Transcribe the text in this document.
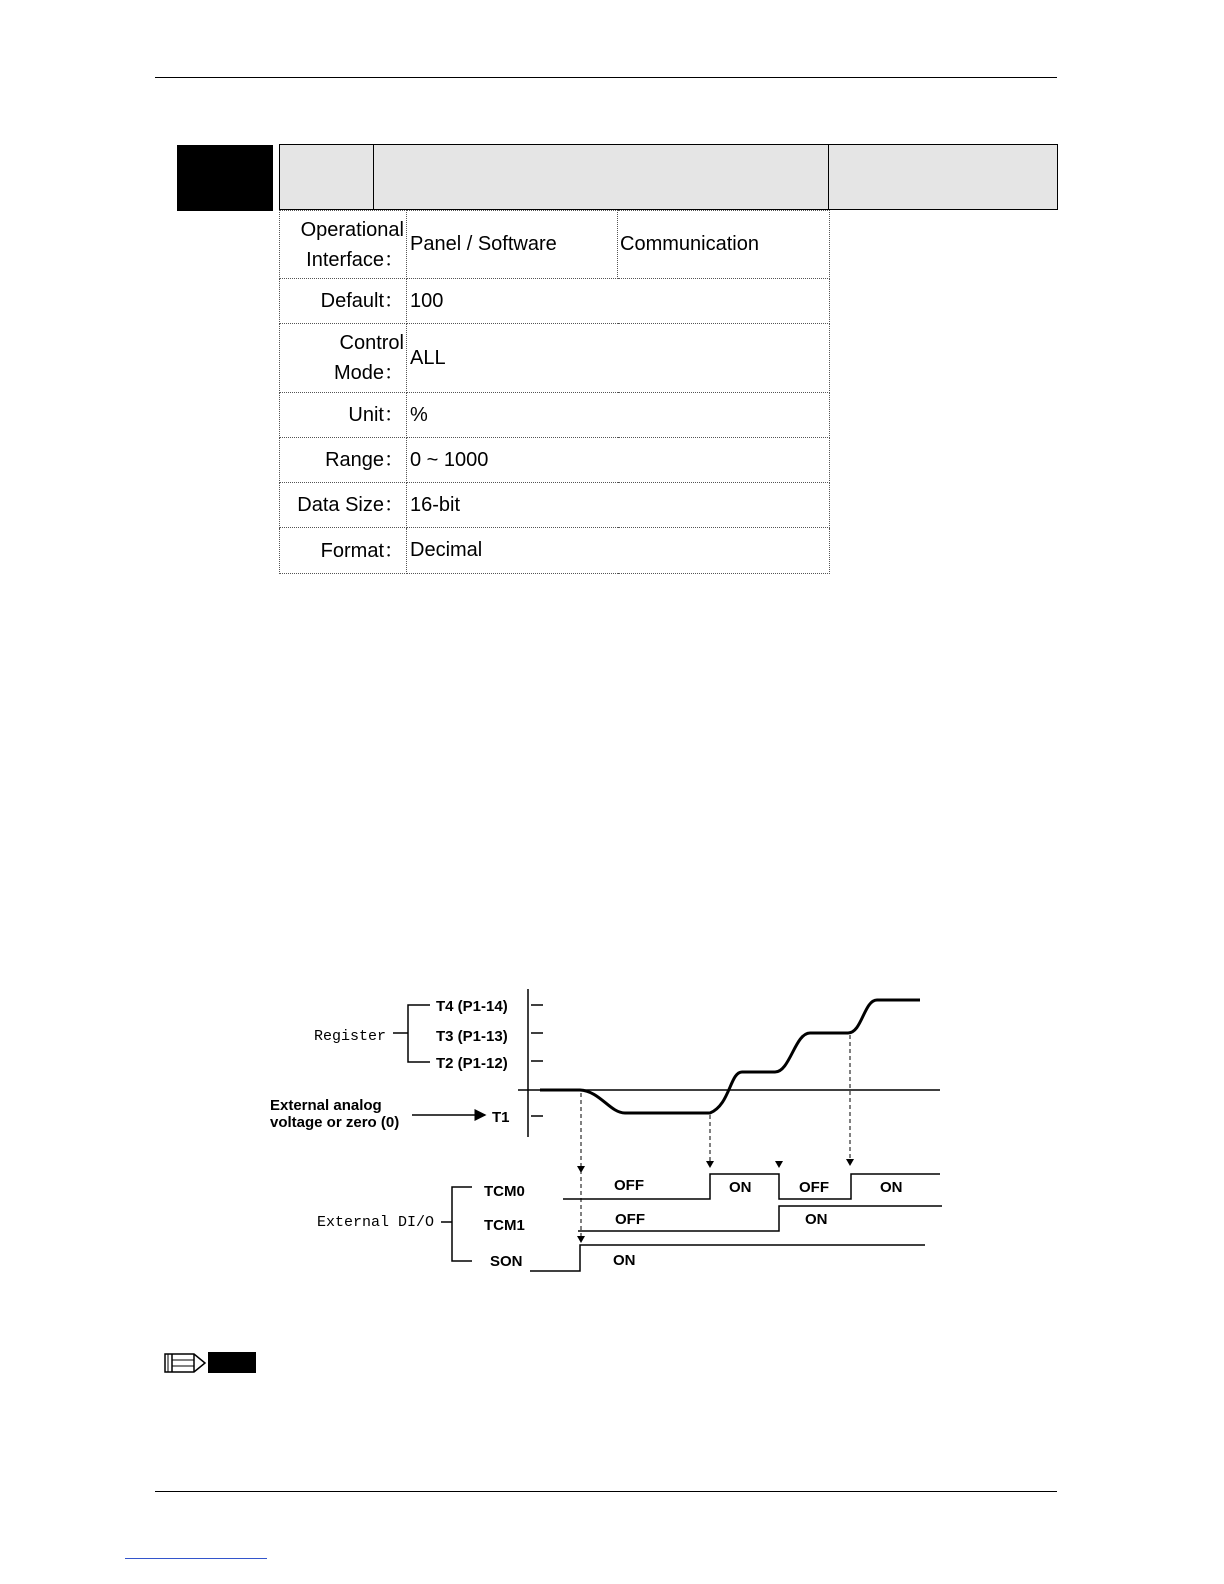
Operational
Interface：	Panel / Software	Communication
Default：	100	
Control
Mode：	ALL	
Unit：	%	
Range：	0 ~ 1000	
Data Size：	16-bit	
Format：	Decimal	
Register
External DI/O
T4 (P1-14)
T3 (P1-13)
T2 (P1-12)
External analog
voltage or zero (0)	T1
TCM0
TCM1
SON
OFF	ON	OFF	ON
OFF	ON
ON
